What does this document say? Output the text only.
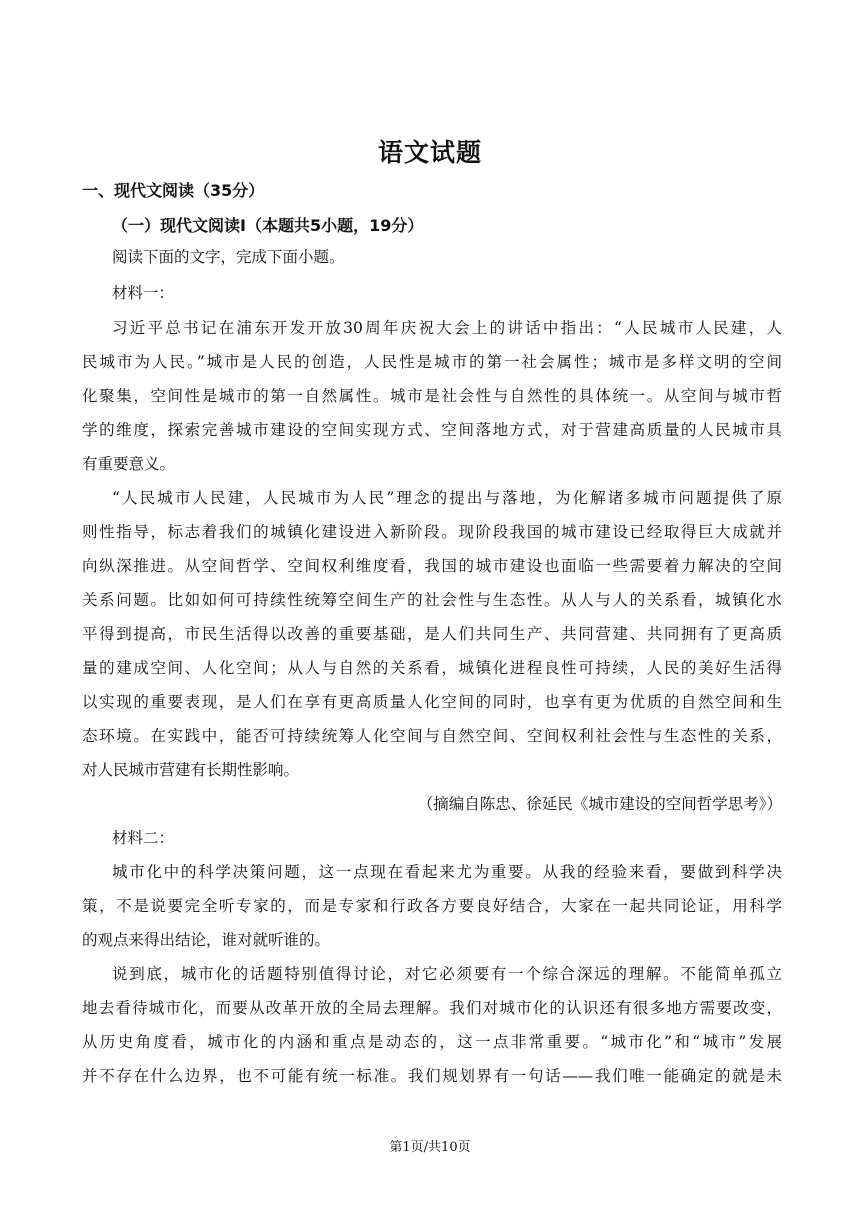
语文试题
一、现代文阅读（35分）
（一）现代文阅读Ⅰ（本题共5小题，19分）
阅读下面的文字，完成下面小题。
材料一：
习近平总书记在浦东开发开放30周年庆祝大会上的讲话中指出：“人民城市人民建，人
民城市为人民。”城市是人民的创造，人民性是城市的第一社会属性；城市是多样文明的空间
化聚集，空间性是城市的第一自然属性。城市是社会性与自然性的具体统一。从空间与城市哲
学的维度，探索完善城市建设的空间实现方式、空间落地方式，对于营建高质量的人民城市具
有重要意义。
“人民城市人民建，人民城市为人民”理念的提出与落地，为化解诸多城市问题提供了原
则性指导，标志着我们的城镇化建设进入新阶段。现阶段我国的城市建设已经取得巨大成就并
向纵深推进。从空间哲学、空间权利维度看，我国的城市建设也面临一些需要着力解决的空间
关系问题。比如如何可持续性统筹空间生产的社会性与生态性。从人与人的关系看，城镇化水
平得到提高，市民生活得以改善的重要基础，是人们共同生产、共同营建、共同拥有了更高质
量的建成空间、人化空间；从人与自然的关系看，城镇化进程良性可持续，人民的美好生活得
以实现的重要表现，是人们在享有更高质量人化空间的同时，也享有更为优质的自然空间和生
态环境。在实践中，能否可持续统筹人化空间与自然空间、空间权利社会性与生态性的关系，
对人民城市营建有长期性影响。
（摘编自陈忠、徐延民《城市建设的空间哲学思考》）
材料二：
城市化中的科学决策问题，这一点现在看起来尤为重要。从我的经验来看，要做到科学决
策，不是说要完全听专家的，而是专家和行政各方要良好结合，大家在一起共同论证，用科学
的观点来得出结论，谁对就听谁的。
说到底，城市化的话题特别值得讨论，对它必须要有一个综合深远的理解。不能简单孤立
地去看待城市化，而要从改革开放的全局去理解。我们对城市化的认识还有很多地方需要改变，
从历史角度看，城市化的内涵和重点是动态的，这一点非常重要。“城市化”和“城市”发展
并不存在什么边界，也不可能有统一标准。我们规划界有一句话——我们唯一能确定的就是未
第1页/共10页
